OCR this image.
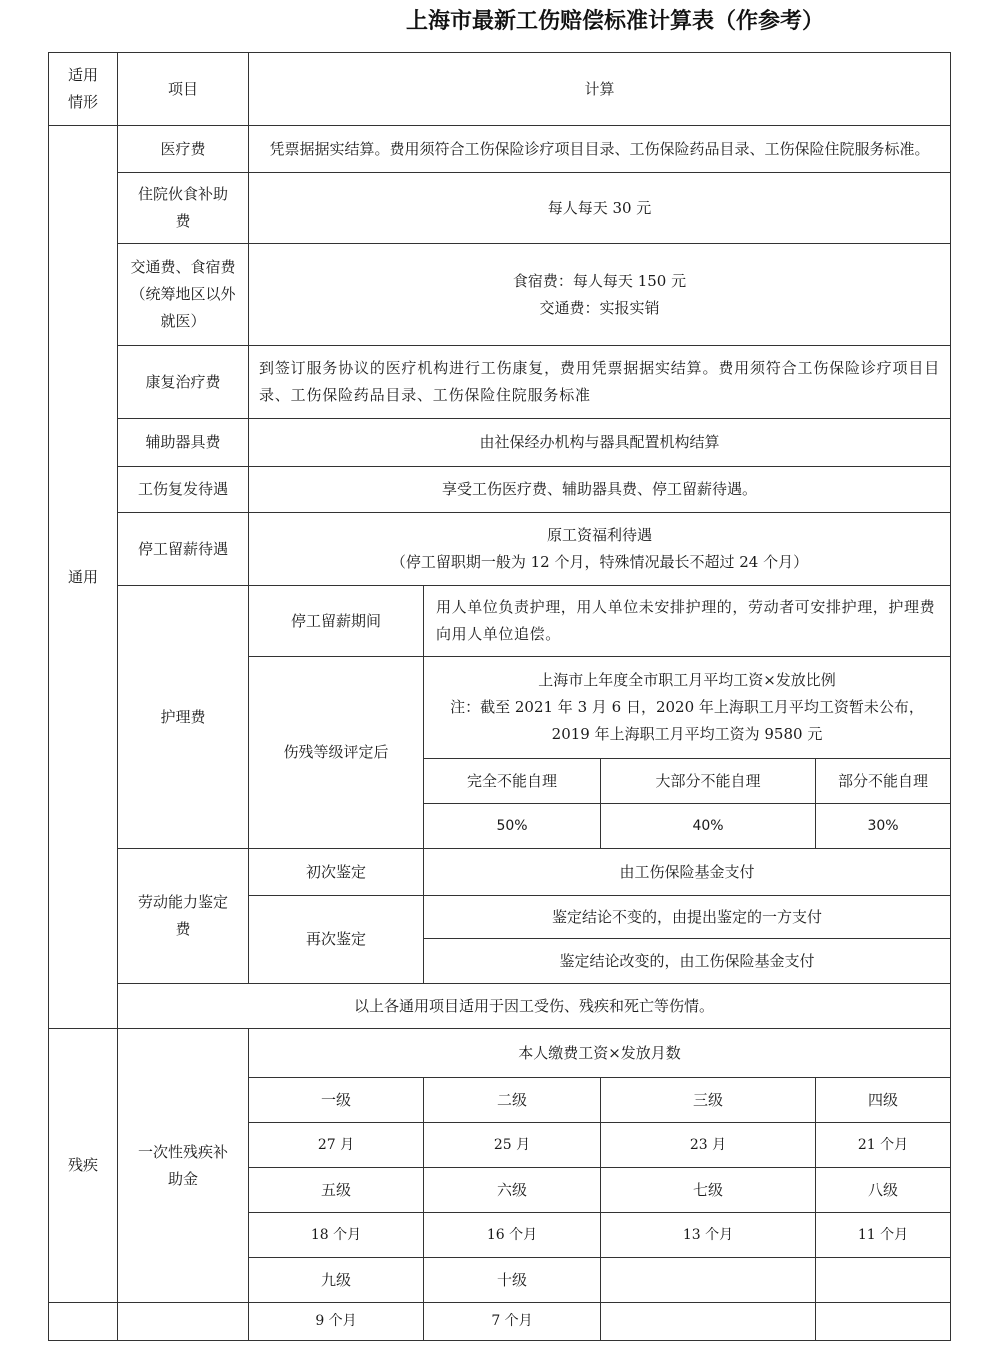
上海市最新工伤赔偿标准计算表（作参考）
适用情形	项目	计算			
通用	医疗费	凭票据据实结算。费用须符合工伤保险诊疗项目目录、工伤保险药品目录、工伤保险住院服务标准。			
	住院伙食补助费	每人每天 30 元			
	交通费、食宿费（统筹地区以外就医）	食宿费：每人每天 150 元
交通费：实报实销			

	康复治疗费	到签订服务协议的医疗机构进行工伤康复，费用凭票据据实结算。费用须符合工伤保险诊疗项目目录、工伤保险药品目录、工伤保险住院服务标准			
	辅助器具费	由社保经办机构与器具配置机构结算			
	工伤复发待遇	享受工伤医疗费、辅助器具费、停工留薪待遇。			
	停工留薪待遇	原工资福利待遇
（停工留职期一般为 12 个月，特殊情况最长不超过 24 个月）			

	护理费	停工留薪期间	用人单位负责护理，用人单位未安排护理的，劳动者可安排护理，护理费向用人单位追偿。		
		伤残等级评定后	上海市上年度全市职工月平均工资×发放比例
注：截至 2021 年 3 月 6 日，2020 年上海职工月平均工资暂未公布，2019 年上海职工月平均工资为 9580 元		

			完全不能自理	大部分不能自理	部分不能自理
			50%	40%	30%
	劳动能力鉴定费	初次鉴定	由工伤保险基金支付		
		再次鉴定	鉴定结论不变的，由提出鉴定的一方支付		
			鉴定结论改变的，由工伤保险基金支付		
	以上各通用项目适用于因工受伤、残疾和死亡等伤情。				
残疾	一次性残疾补助金	本人缴费工资×发放月数			
		一级	二级	三级	四级
		27 月	25 月	23 月	21 个月
		五级	六级	七级	八级
		18 个月	16 个月	13 个月	11 个月
		九级	十级		
		9 个月	7 个月		
